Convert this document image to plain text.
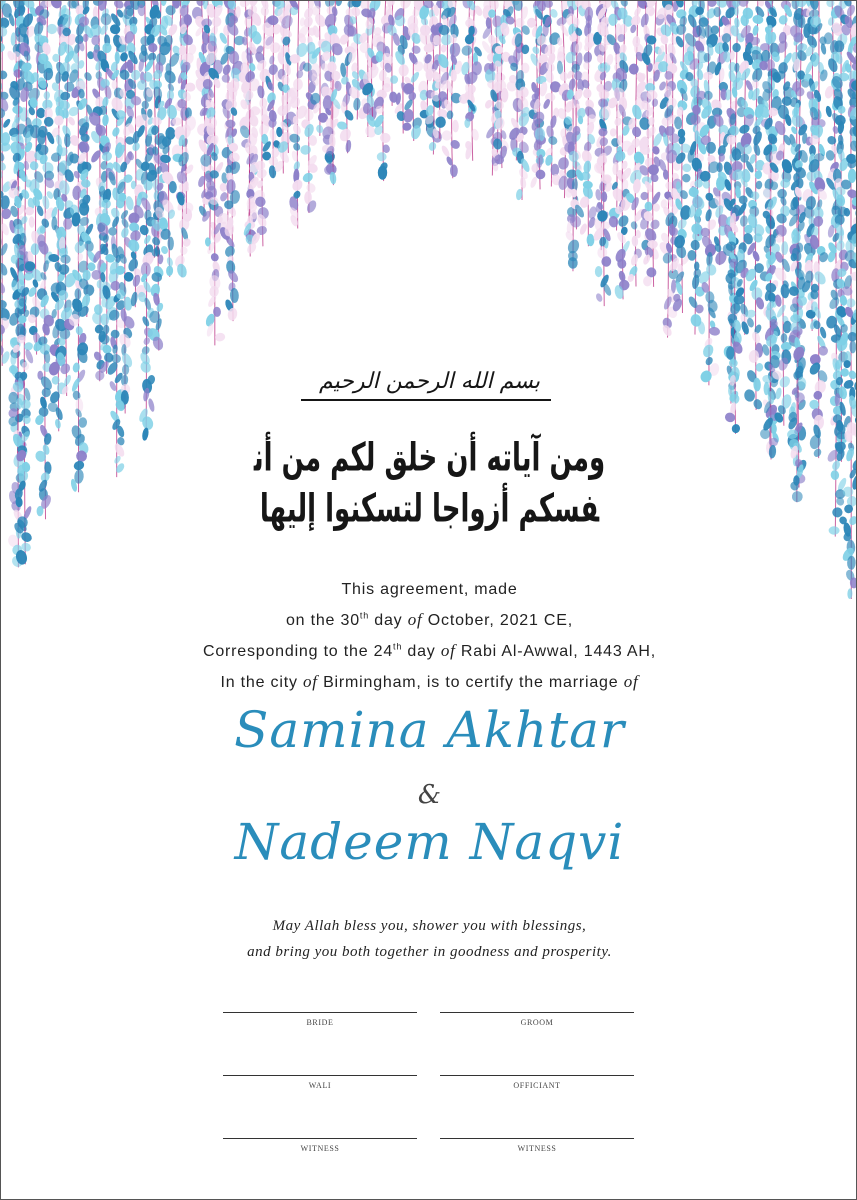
بسم الله الرحمن الرحيم
ومن آياته أن خلق لكم من أنفسكم أزواجا لتسكنوا إليها
This agreement, made
on the 30th day of October, 2021 CE,
Corresponding to the 24th day of Rabi Al-Awwal, 1443 AH,
In the city of Birmingham, is to certify the marriage of
Samina Akhtar
&
Nadeem Naqvi
May Allah bless you, shower you with blessings,
and bring you both together in goodness and prosperity.
BRIDE	GROOM
WALI	OFFICIANT
WITNESS	WITNESS
